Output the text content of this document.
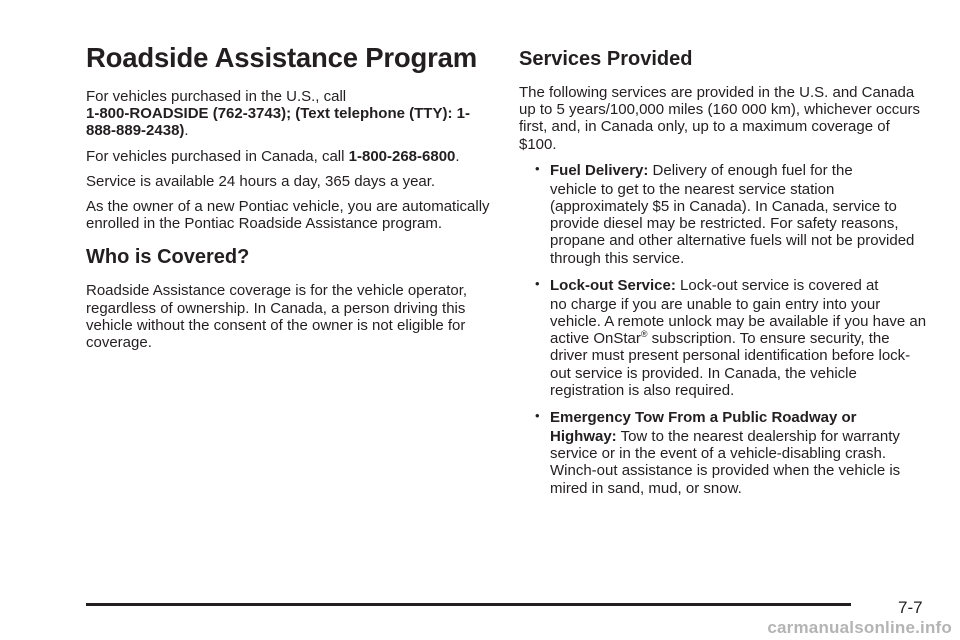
Roadside Assistance Program

For vehicles purchased in the U.S., call
1-800-ROADSIDE (762-3743); (Text telephone (TTY): 1-888-889-2438).

For vehicles purchased in Canada, call 1-800-268-6800.

Service is available 24 hours a day, 365 days a year.

As the owner of a new Pontiac vehicle, you are automatically enrolled in the Pontiac Roadside Assistance program.

Who is Covered?

Roadside Assistance coverage is for the vehicle operator, regardless of ownership. In Canada, a person driving this vehicle without the consent of the owner is not eligible for coverage.

Services Provided

The following services are provided in the U.S. and Canada up to 5 years/100,000 miles (160 000 km), whichever occurs first, and, in Canada only, up to a maximum coverage of $100.

• Fuel Delivery: Delivery of enough fuel for the
vehicle to get to the nearest service station (approximately $5 in Canada). In Canada, service to provide diesel may be restricted. For safety reasons, propane and other alternative fuels will not be provided through this service.
• Lock-out Service: Lock-out service is covered at
no charge if you are unable to gain entry into your vehicle. A remote unlock may be available if you have an active OnStar® subscription. To ensure security, the driver must present personal identification before lock-out service is provided. In Canada, the vehicle registration is also required.
• Emergency Tow From a Public Roadway or
Highway: Tow to the nearest dealership for warranty service or in the event of a vehicle-disabling crash. Winch-out assistance is provided when the vehicle is mired in sand, mud, or snow.
7-7
carmanualsonline.info
